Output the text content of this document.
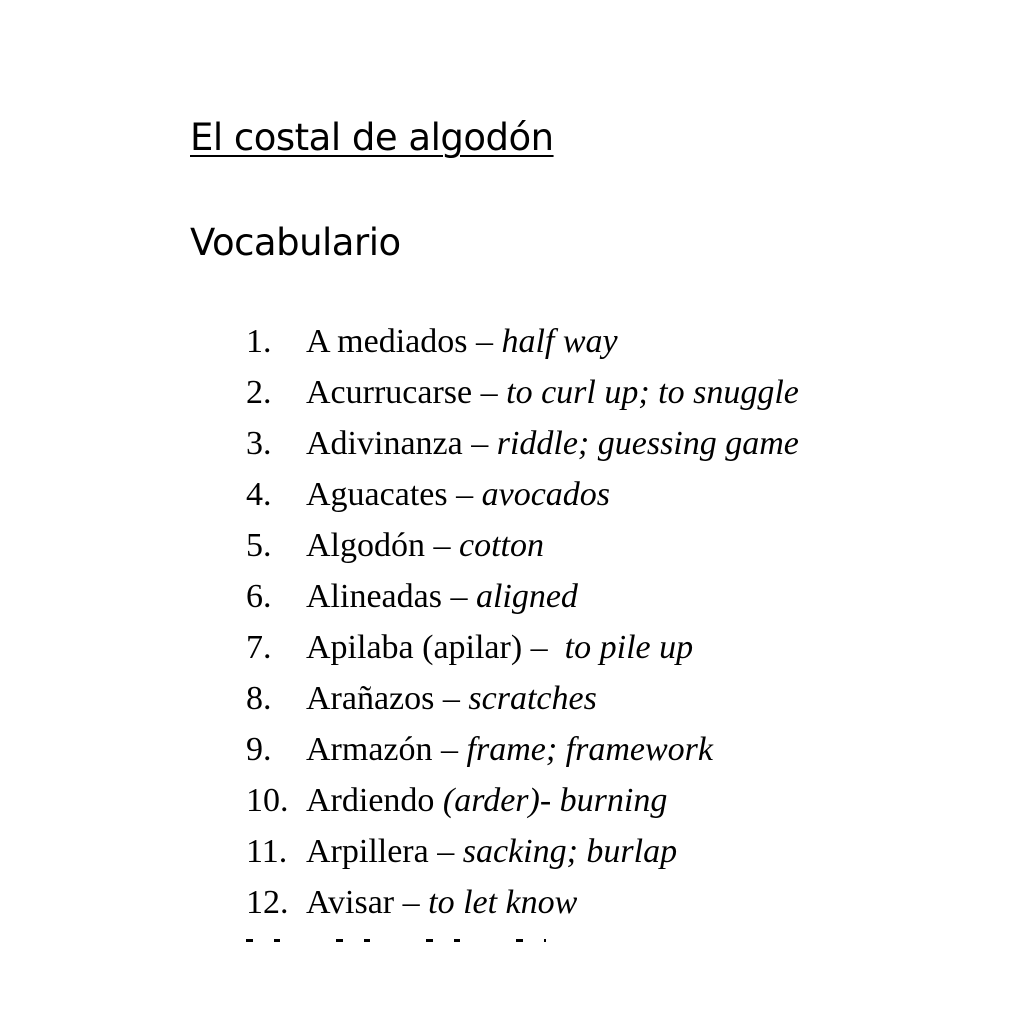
El costal de algodón
Vocabulario
1. A mediados – half way
2. Acurrucarse – to curl up; to snuggle
3. Adivinanza – riddle; guessing game
4. Aguacates – avocados
5. Algodón – cotton
6. Alineadas – aligned
7. Apilaba (apilar) –  to pile up
8. Arañazos – scratches
9. Armazón – frame; framework
10. Ardiendo (arder)- burning
11. Arpillera – sacking; burlap
12. Avisar – to let know
